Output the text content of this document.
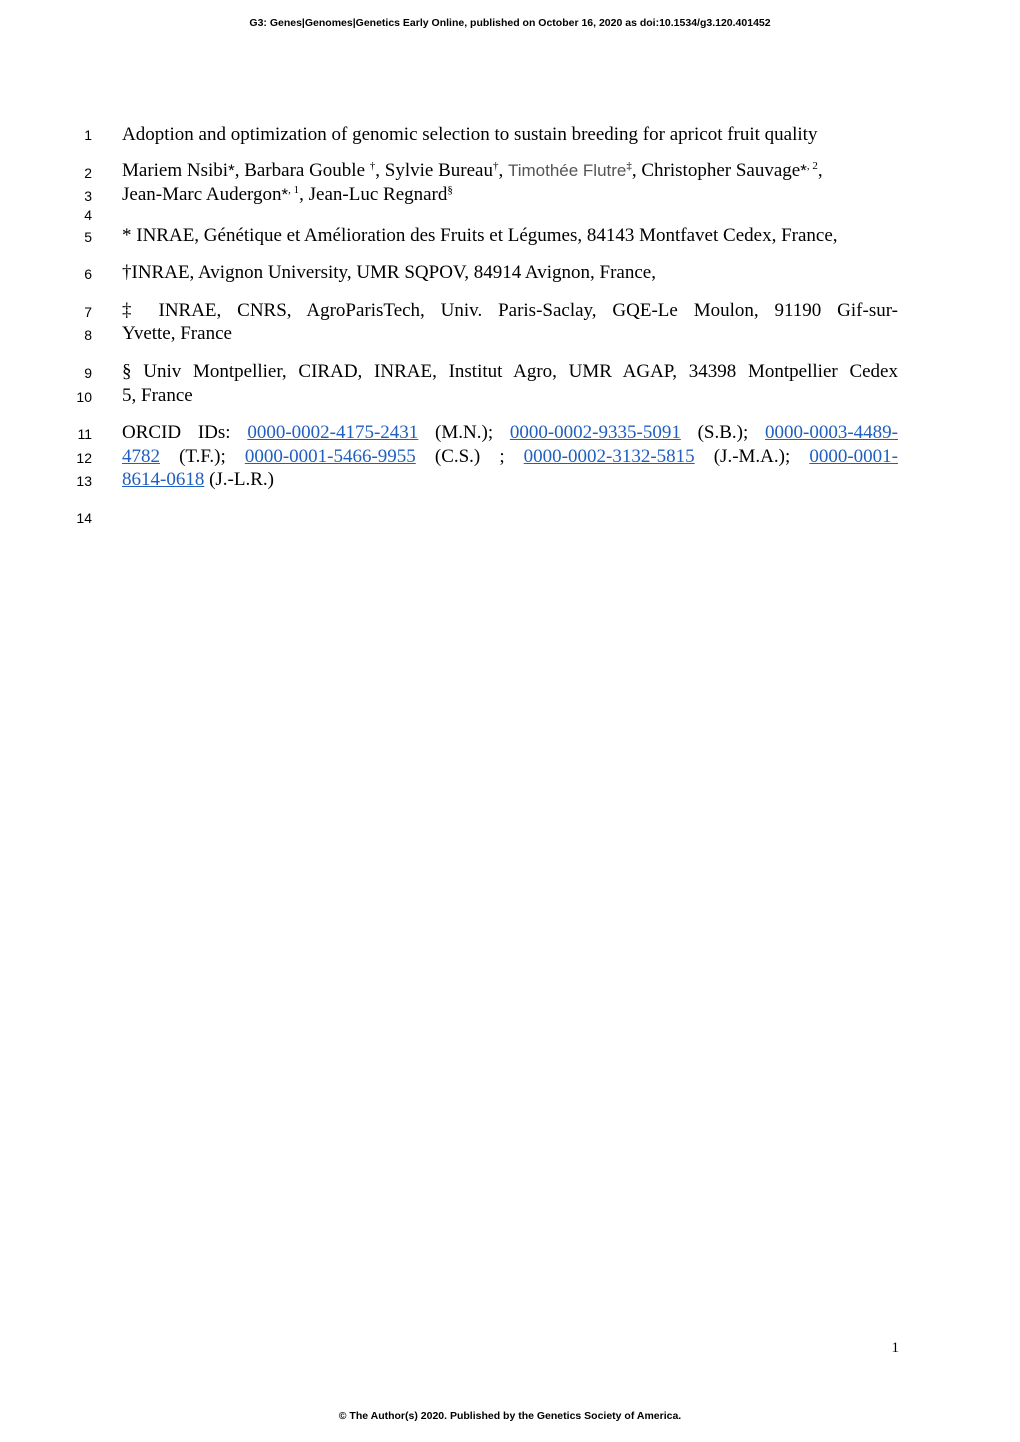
G3: Genes|Genomes|Genetics Early Online, published on October 16, 2020 as doi:10.1534/g3.120.401452
1 Adoption and optimization of genomic selection to sustain breeding for apricot fruit quality
2 Mariem Nsibi*, Barbara Gouble †, Sylvie Bureau†, Timothée Flutre‡, Christopher Sauvage*$^{, 2}$,
3 Jean-Marc Audergon*$^{, 1}$, Jean-Luc Regnard§
4
5 * INRAE, Génétique et Amélioration des Fruits et Légumes, 84143 Montfavet Cedex, France,
6 †INRAE, Avignon University, UMR SQPOV, 84914 Avignon, France,
7 ‡ INRAE, CNRS, AgroParisTech, Univ. Paris-Saclay, GQE-Le Moulon, 91190 Gif-sur-
8 Yvette, France
9 § Univ Montpellier, CIRAD, INRAE, Institut Agro, UMR AGAP, 34398 Montpellier Cedex
10 5, France
11 ORCID IDs: 0000-0002-4175-2431 (M.N.); 0000-0002-9335-5091 (S.B.); 0000-0003-4489-
12 4782 (T.F.); 0000-0001-5466-9955 (C.S.) ; 0000-0002-3132-5815 (J.-M.A.); 0000-0001-
13 8614-0618 (J.-L.R.)
14
1
© The Author(s) 2020. Published by the Genetics Society of America.
